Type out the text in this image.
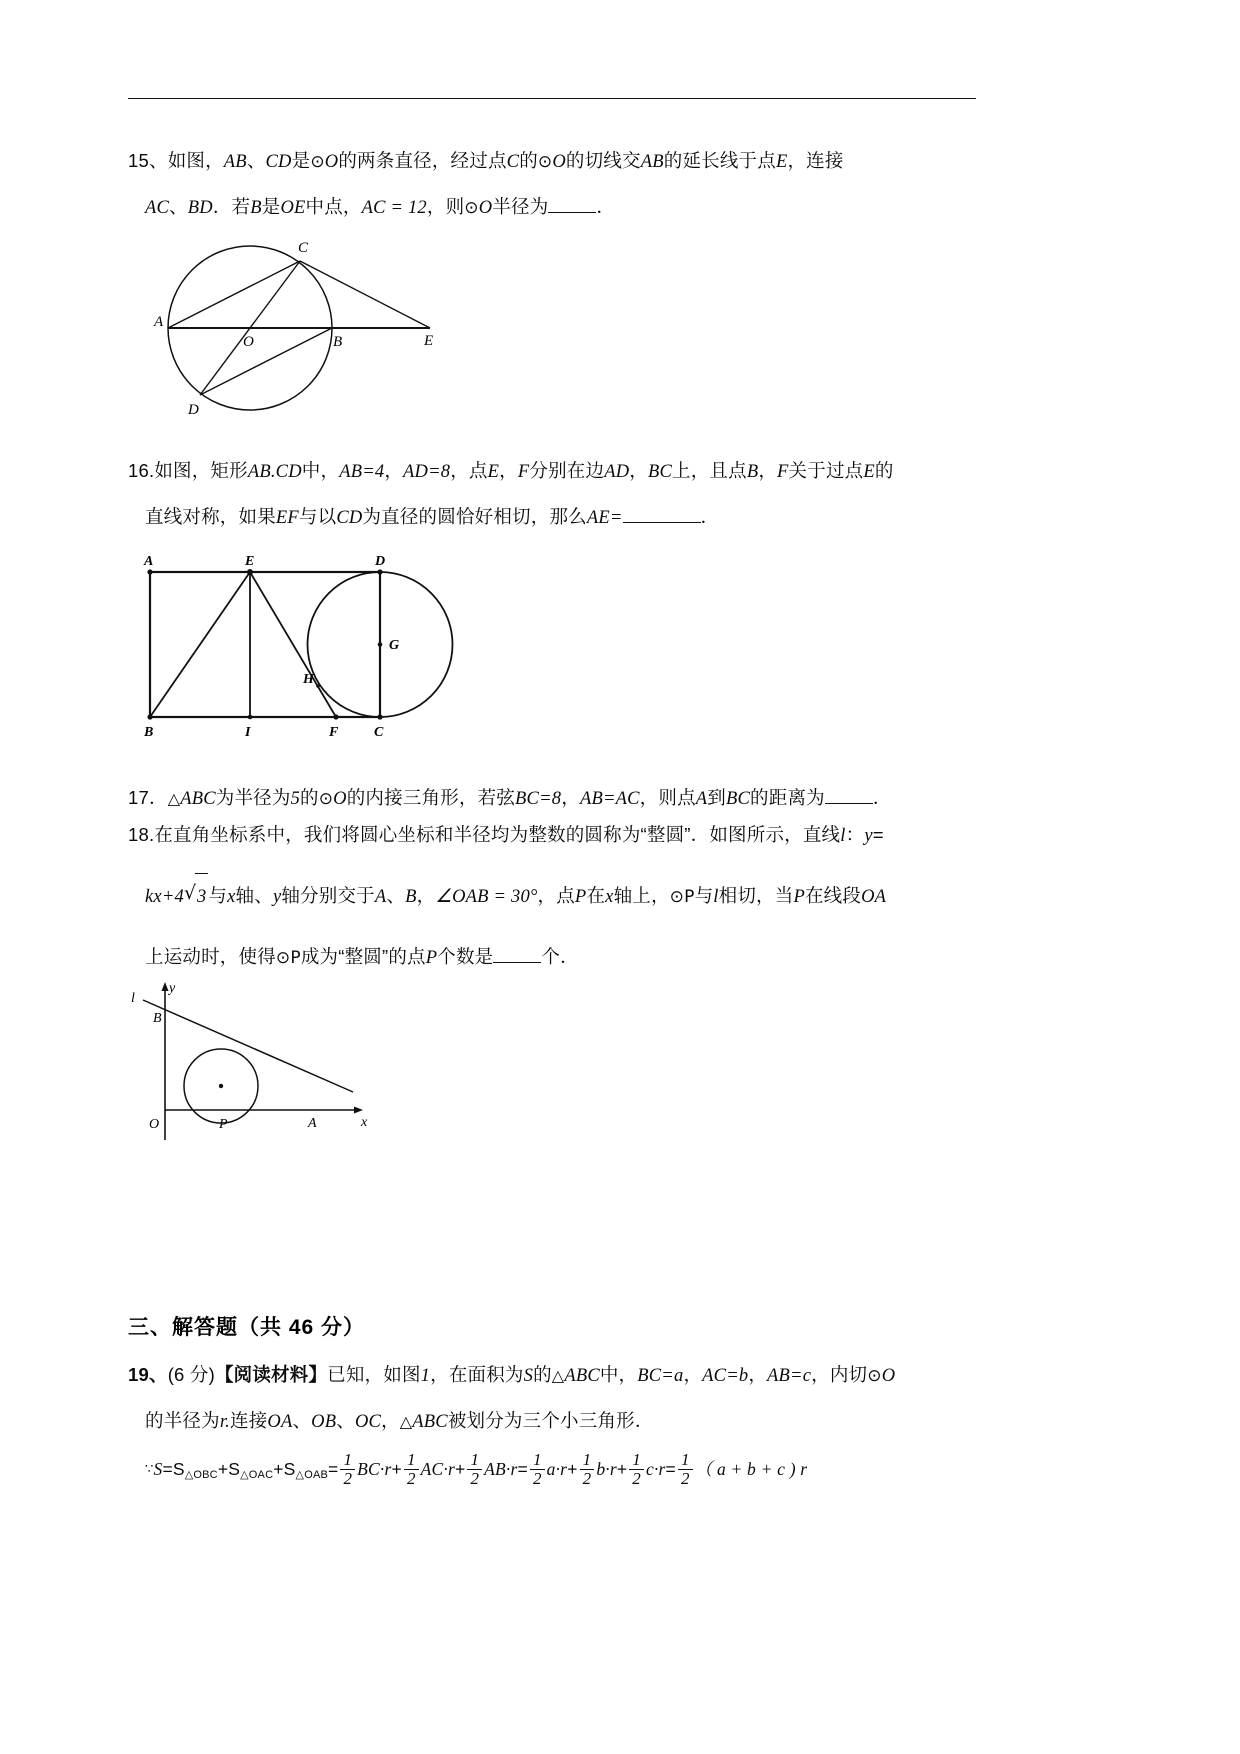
15、如图，AB、CD是⊙O的两条直径，经过点C的⊙O的切线交AB的延长线于点E，连接
AC、BD．若B是OE中点，AC = 12，则⊙O半径为	．
A
B
C
D
E
O
16.如图，矩形AB.CD中，AB=4，AD=8，点E，F分别在边AD，BC上，且点B，F关于过点E的
直线对称，如果EF与以CD为直径的圆恰好相切，那么AE=	．
A	E	D
G
H
B	I	F	C
17．△ABC为半径为5的⊙O的内接三角形，若弦BC=8，AB=AC，则点A到BC的距离为	．
18.在直角坐标系中，我们将圆心坐标和半径均为整数的圆称为“整圆”．如图所示，直线l：y=
kx+4 √ 3 与x轴、y轴分别交于A、B，∠OAB = 30°，点P在x轴上，⊙P与l相切，当P在线段OA
上运动时，使得⊙P成为“整圆”的点P个数是	个．
l
y
B
O	P	A	x
三、解答题（共 46 分）
19、(6 分)【阅读材料】已知，如图1，在面积为S的△ABC中，BC=a，AC=b，AB=c，内切⊙O
的半径为r.连接OA、OB、OC，△ABC被划分为三个小三角形．
$\because S=S_{\triangle OBC}+S_{\triangle OAC}+S_{\triangle OAB}= \frac{1}{2} BC\cdot r+ \frac{1}{2} AC\cdot r+ \frac{1}{2} AB\cdot r= \frac{1}{2} a\cdot r+ \frac{1}{2} b\cdot r+ \frac{1}{2} c\cdot r= \frac{1}{2}$ （ a + b + c ) r
